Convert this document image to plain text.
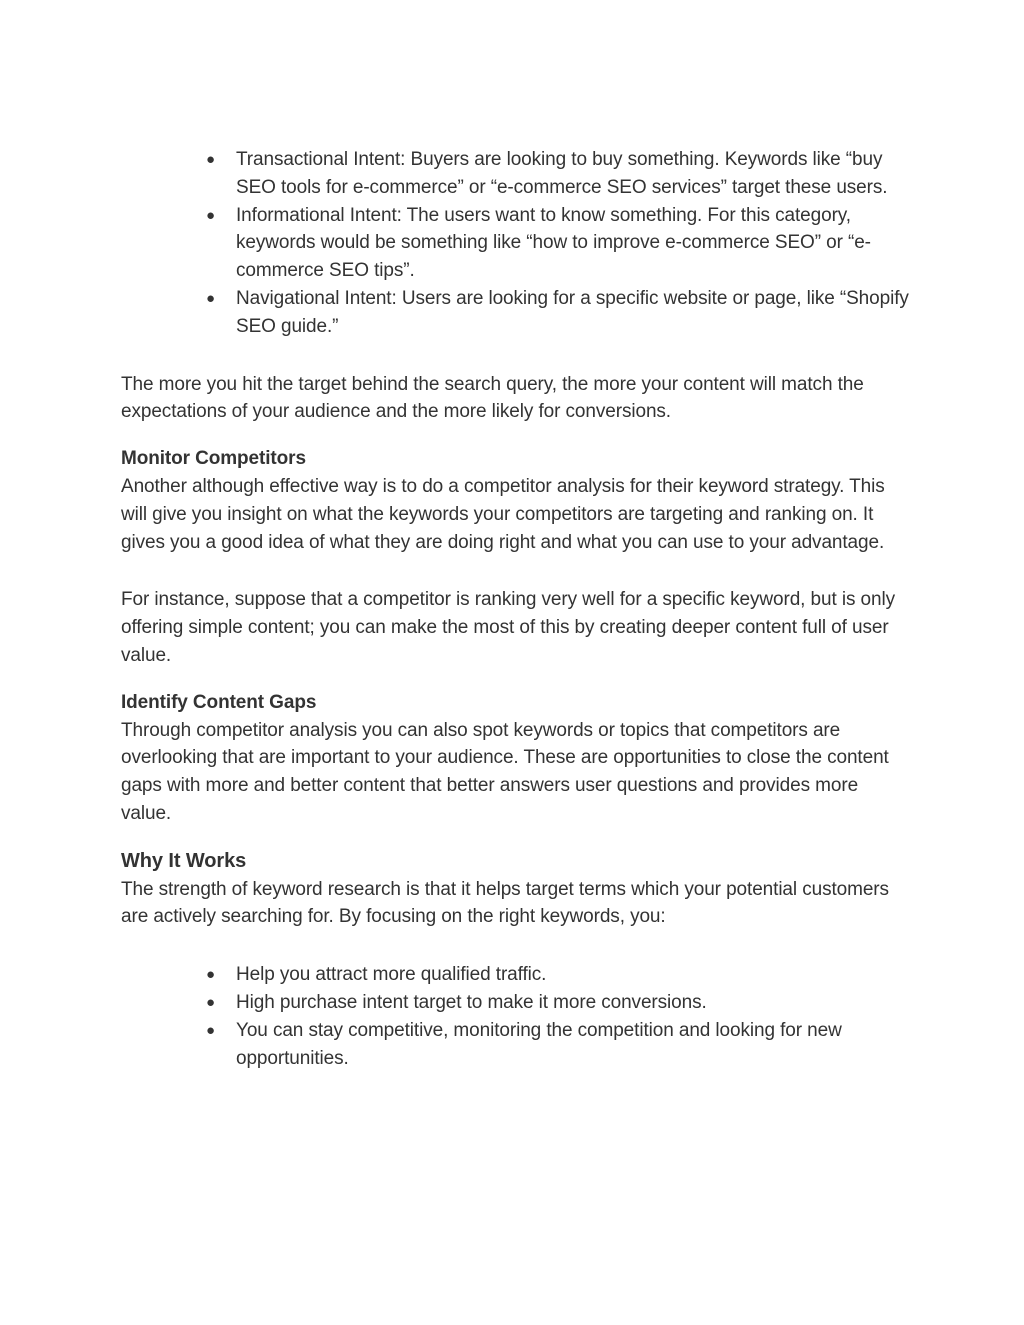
● Transactional Intent: Buyers are looking to buy something. Keywords like “buy SEO tools for e-commerce” or “e-commerce SEO services” target these users.
● Informational Intent: The users want to know something. For this category, keywords would be something like “how to improve e-commerce SEO” or “e-commerce SEO tips”.
● Navigational Intent: Users are looking for a specific website or page, like “Shopify SEO guide.”

The more you hit the target behind the search query, the more your content will match the expectations of your audience and the more likely for conversions.

Monitor Competitors
Another although effective way is to do a competitor analysis for their keyword strategy. This will give you insight on what the keywords your competitors are targeting and ranking on. It gives you a good idea of what they are doing right and what you can use to your advantage.

For instance, suppose that a competitor is ranking very well for a specific keyword, but is only offering simple content; you can make the most of this by creating deeper content full of user value.

Identify Content Gaps
Through competitor analysis you can also spot keywords or topics that competitors are overlooking that are important to your audience. These are opportunities to close the content gaps with more and better content that better answers user questions and provides more value.

Why It Works
The strength of keyword research is that it helps target terms which your potential customers are actively searching for. By focusing on the right keywords, you:

● Help you attract more qualified traffic.
● High purchase intent target to make it more conversions.
● You can stay competitive, monitoring the competition and looking for new opportunities.
